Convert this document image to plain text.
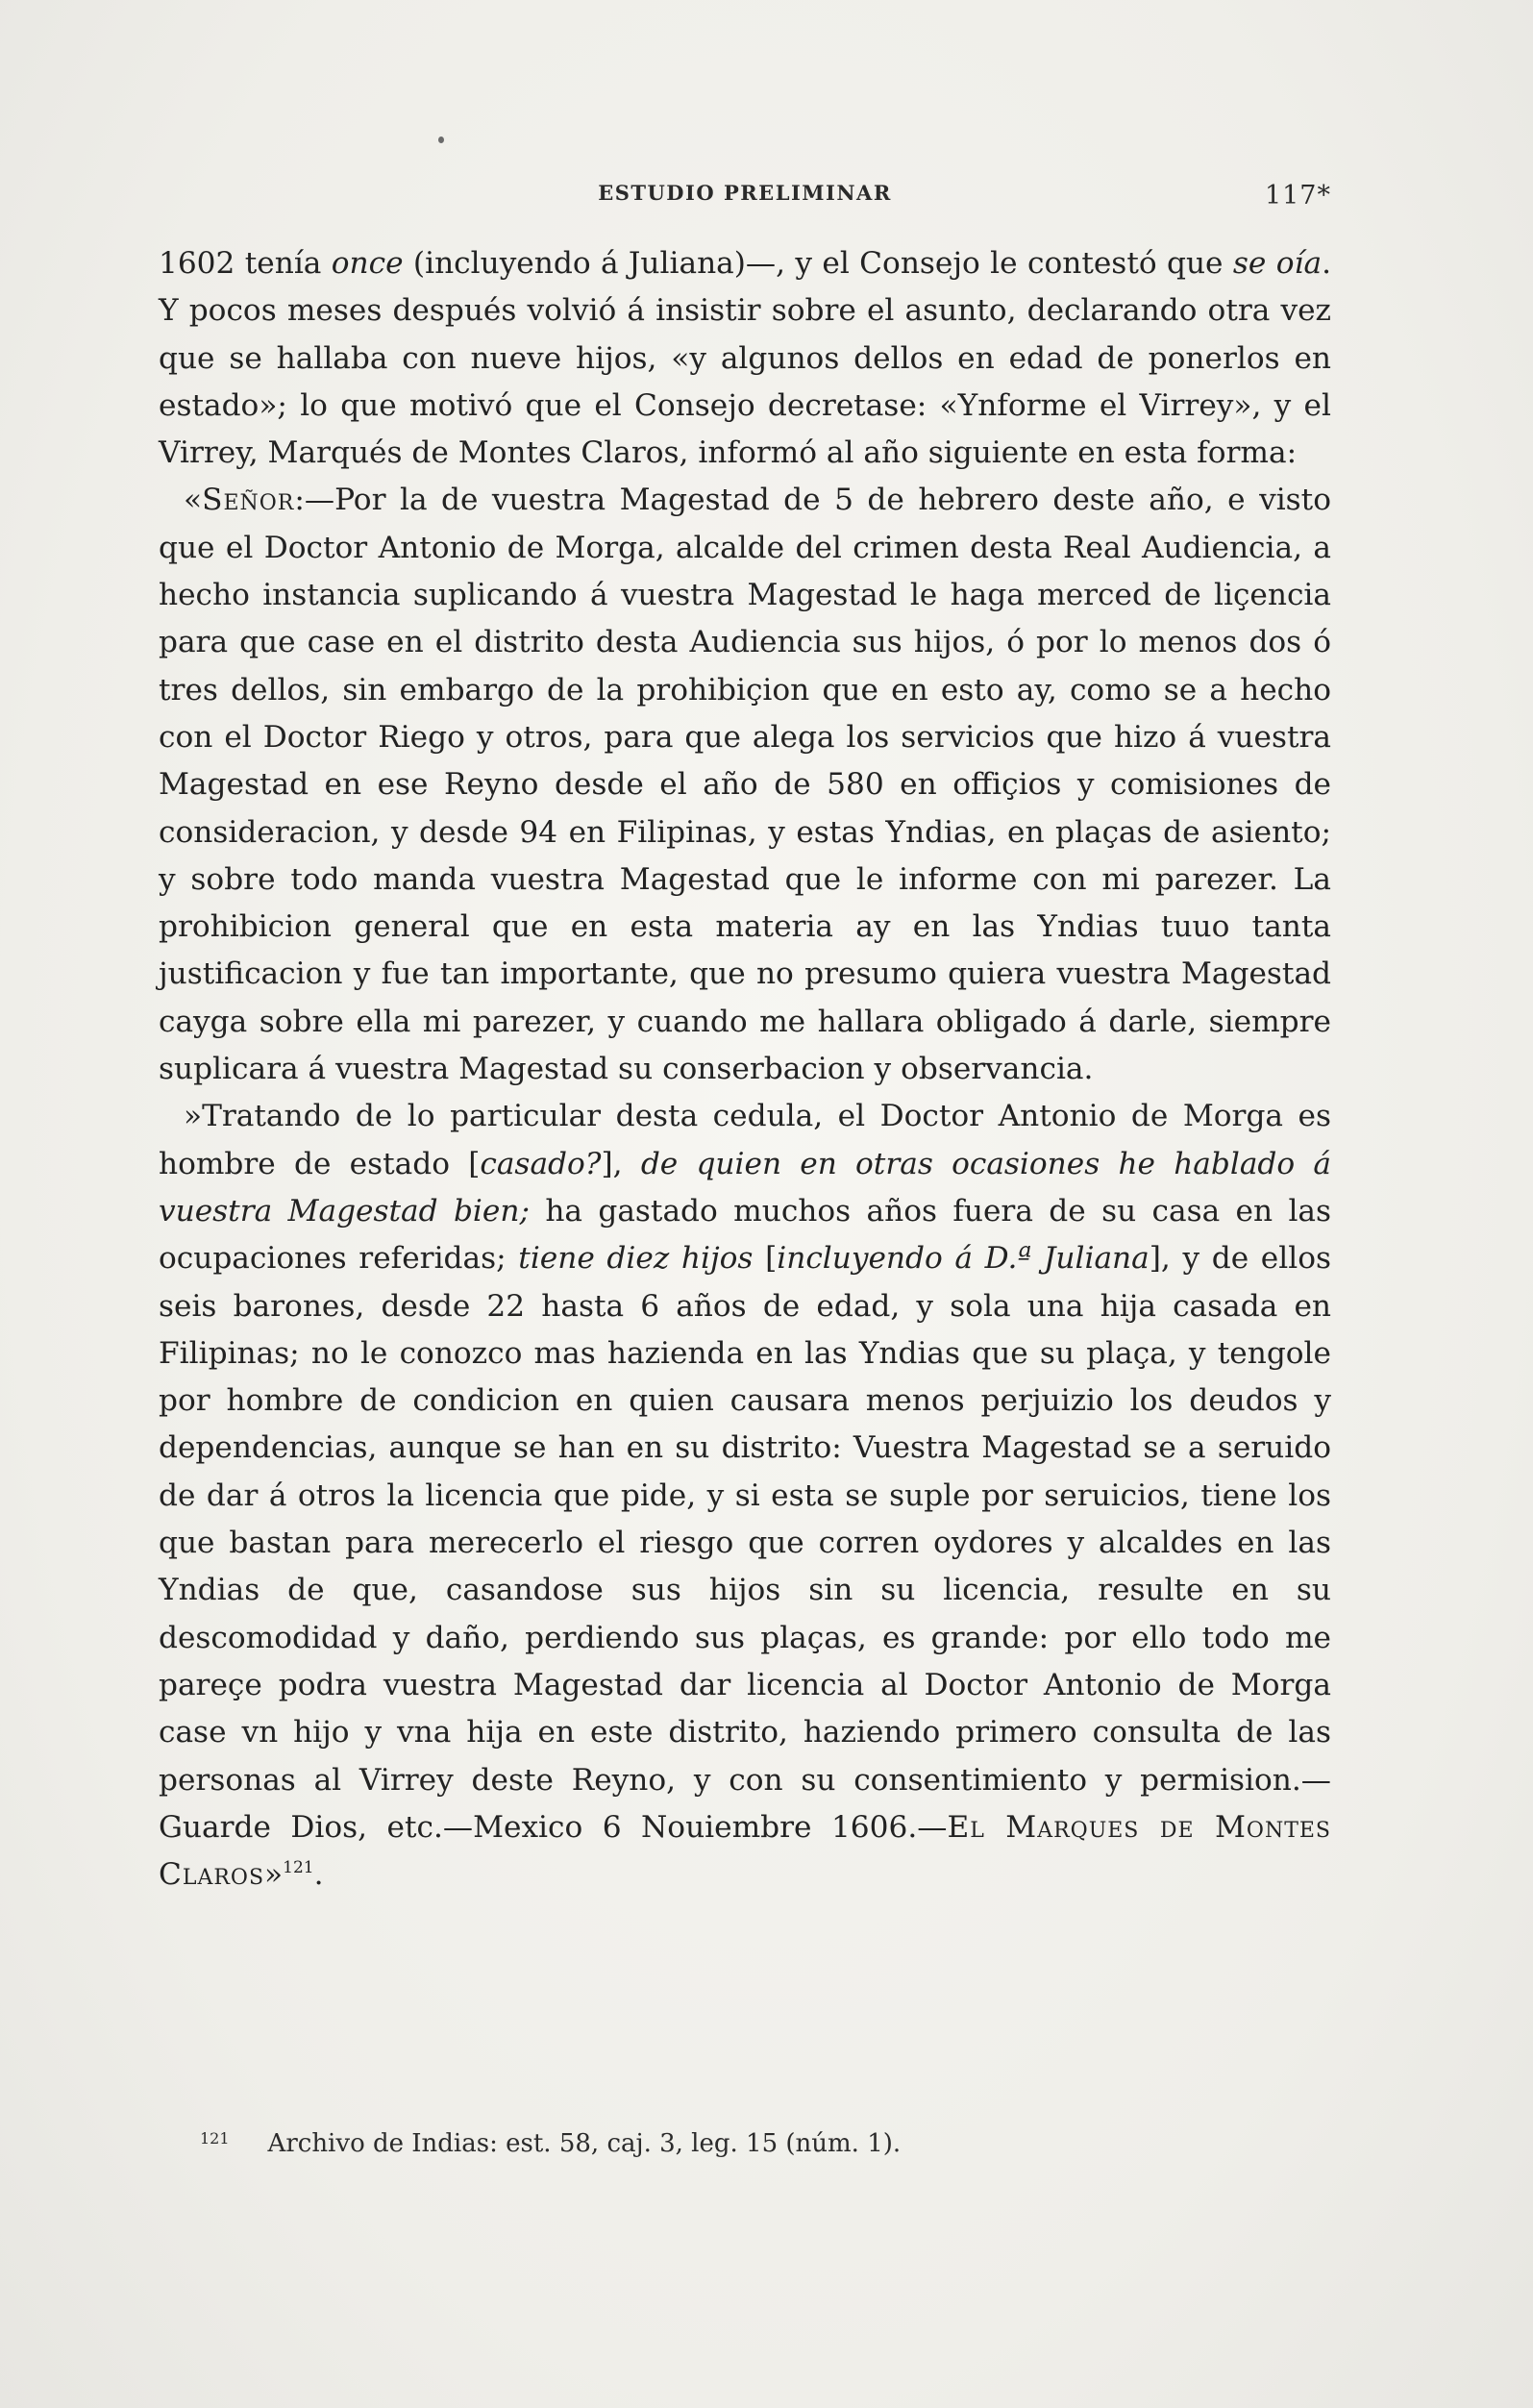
ESTUDIO PRELIMINAR	117*

1602 tenía once (incluyendo á Juliana)—, y el Consejo le contestó que se oía. Y pocos meses después volvió á insistir sobre el asunto, declarando otra vez que se hallaba con nueve hijos, «y algunos dellos en edad de ponerlos en estado»; lo que motivó que el Consejo decretase: «Ynforme el Virrey», y el Virrey, Marqués de Montes Claros, informó al año siguiente en esta forma:

«Señor:—Por la de vuestra Magestad de 5 de hebrero deste año, e visto que el Doctor Antonio de Morga, alcalde del crimen desta Real Audiencia, a hecho instancia suplicando á vuestra Magestad le haga merced de liçencia para que case en el distrito desta Audiencia sus hijos, ó por lo menos dos ó tres dellos, sin embargo de la prohibiçion que en esto ay, como se a hecho con el Doctor Riego y otros, para que alega los servicios que hizo á vuestra Magestad en ese Reyno desde el año de 580 en offiçios y comisiones de consideracion, y desde 94 en Filipinas, y estas Yndias, en plaças de asiento; y sobre todo manda vuestra Magestad que le informe con mi parezer. La prohibicion general que en esta materia ay en las Yndias tuuo tanta justificacion y fue tan importante, que no presumo quiera vuestra Magestad cayga sobre ella mi parezer, y cuando me hallara obligado á darle, siempre suplicara á vuestra Magestad su conserbacion y observancia.

»Tratando de lo particular desta cedula, el Doctor Antonio de Morga es hombre de estado [casado?], de quien en otras ocasiones he hablado á vuestra Magestad bien; ha gastado muchos años fuera de su casa en las ocupaciones referidas; tiene diez hijos [incluyendo á D.ª Juliana], y de ellos seis barones, desde 22 hasta 6 años de edad, y sola una hija casada en Filipinas; no le conozco mas hazienda en las Yndias que su plaça, y tengole por hombre de condicion en quien causara menos perjuizio los deudos y dependencias, aunque se han en su distrito: Vuestra Magestad se a seruido de dar á otros la licencia que pide, y si esta se suple por seruicios, tiene los que bastan para merecerlo el riesgo que corren oydores y alcaldes en las Yndias de que, casandose sus hijos sin su licencia, resulte en su descomodidad y daño, perdiendo sus plaças, es grande: por ello todo me pareçe podra vuestra Magestad dar licencia al Doctor Antonio de Morga case vn hijo y vna hija en este distrito, haziendo primero consulta de las personas al Virrey deste Reyno, y con su consentimiento y permision.—Guarde Dios, etc.—Mexico 6 Nouiembre 1606.—El Marques de Montes Claros»$^{121}$.

$^{121}$ Archivo de Indias: est. 58, caj. 3, leg. 15 (núm. 1).
